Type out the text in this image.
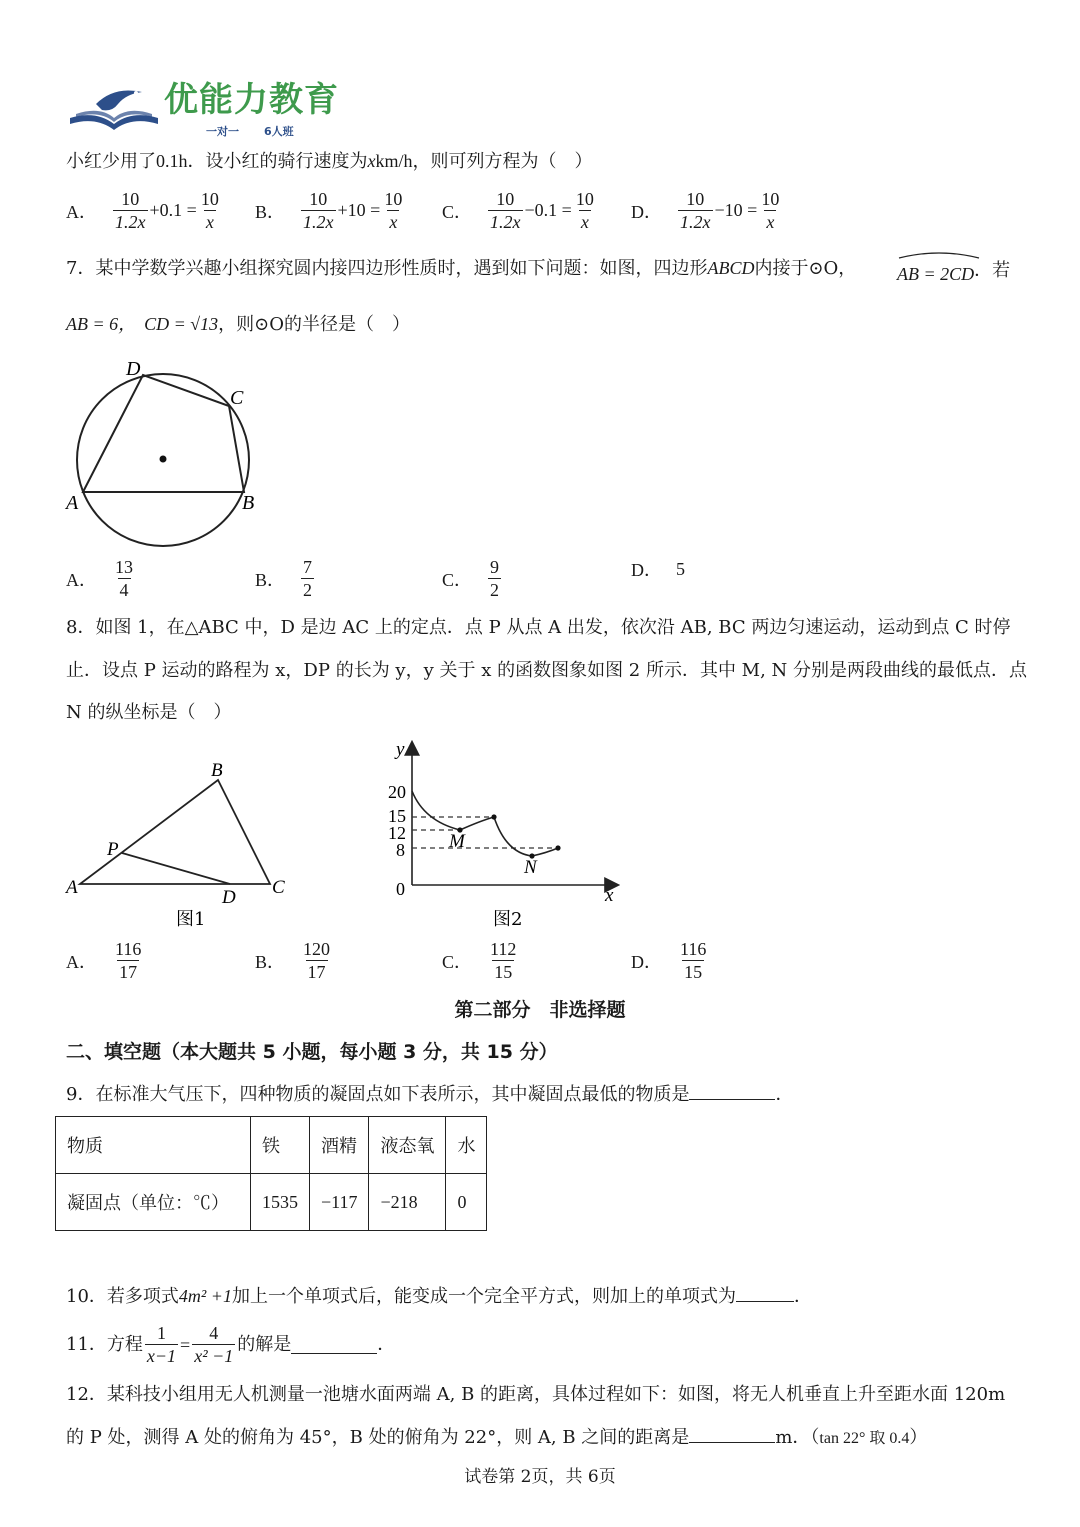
优能力教育
一对一 6人班
小红少用了0.1h．设小红的骑行速度为xkm/h，则可列方程为（　）
A． $\frac{10}{1.2x} +0.1 = \frac{10}{x}$ B． $\frac{10}{1.2x} +10 = \frac{10}{x}$ C． $\frac{10}{1.2x} -0.1 = \frac{10}{x}$ D． $\frac{10}{1.2x} -10 = \frac{10}{x}$
7．某中学数学兴趣小组探究圆内接四边形性质时，遇到如下问题：如图，四边形ABCD内接于⊙O， AB = 2CD．若
AB = 6， CD = √13，则⊙O的半径是（　）
D
C
A	B
A． $\frac{13}{4}$	B． $\frac{7}{2}$	C． $\frac{9}{2}$	D． 5
8．如图 1，在△ABC 中，D 是边 AC 上的定点．点 P 从点 A 出发，依次沿 AB, BC 两边匀速运动，运动到点 C 时停
止．设点 P 运动的路程为 x，DP 的长为 y，y 关于 x 的函数图象如图 2 所示．其中 M, N 分别是两段曲线的最低点．点
N 的纵坐标是（　）
B
P
A	D C
图1
y
x
0
20
15
12
8 M
N
图2
A． $\frac{116}{17}$	B． $\frac{120}{17}$	C． $\frac{112}{15}$	D． $\frac{116}{15}$
第二部分　非选择题
二、填空题（本大题共 5 小题，每小题 3 分，共 15 分）
9．在标准大气压下，四种物质的凝固点如下表所示，其中凝固点最低的物质是	．
物质	铁	酒精	液态氧	水
凝固点（单位：℃）	1535	−117	−218	0
10．若多项式4m² +1加上一个单项式后，能变成一个完全平方式，则加上的单项式为	．
11．方程 $\frac{1}{x-1} = \frac{4}{\text{x² −1}}$ 的解是	．
12．某科技小组用无人机测量一池塘水面两端 A, B 的距离，具体过程如下：如图，将无人机垂直上升至距水面 120m
的 P 处，测得 A 处的俯角为 45°，B 处的俯角为 22°，则 A, B 之间的距离是	m．（tan 22° 取 0.4）
试卷第 2页，共 6页
